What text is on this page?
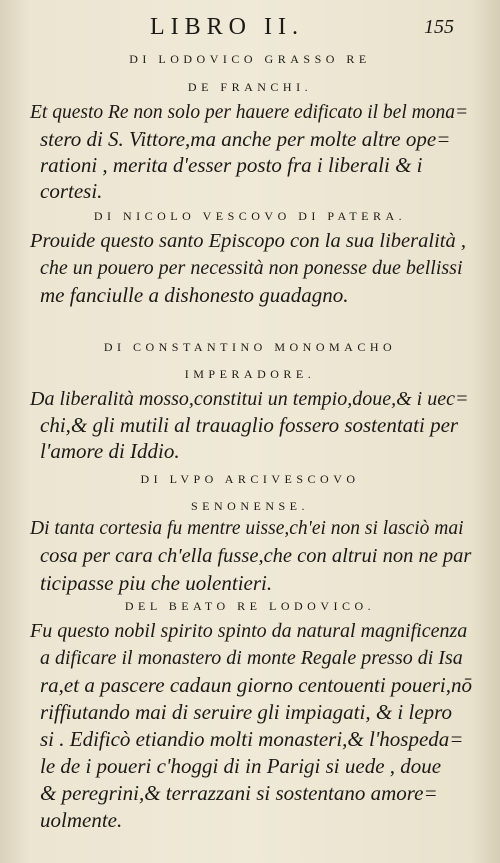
LIBRO II.	155
DI LODOVICO GRASSO RE
DE FRANCHI.
Et questo Re non solo per hauere edificato il bel mona=
stero di S. Vittore,ma anche per molte altre ope=
rationi , merita d'esser posto fra i liberali & i
cortesi.
DI NICOLO VESCOVO DI PATERA.
Prouide questo santo Episcopo con la sua liberalità ,
che un pouero per necessità non ponesse due bellissi
me fanciulle a dishonesto guadagno.
DI CONSTANTINO MONOMACHO
IMPERADORE.
Da liberalità mosso,constitui un tempio,doue,& i uec=
chi,& gli mutili al trauaglio fossero sostentati per
l'amore di Iddio.
DI LVPO ARCIVESCOVO
SENONENSE.
Di tanta cortesia fu mentre uisse,ch'ei non si lasciò mai
cosa per cara ch'ella fusse,che con altrui non ne par
ticipasse piu che uolentieri.
DEL BEATO RE LODOVICO.
Fu questo nobil spirito spinto da natural magnificenza
a dificare il monastero di monte Regale presso di Isa
ra,et a pascere cadaun giorno centouenti poueri,nō
riffiutando mai di seruire gli impiagati, & i lepro
si . Edificò etiandio molti monasteri,& l'hospeda=
le de i poueri c'hoggi di in Parigi si uede , doue
& peregrini,& terrazzani si sostentano amore=
uolmente.
